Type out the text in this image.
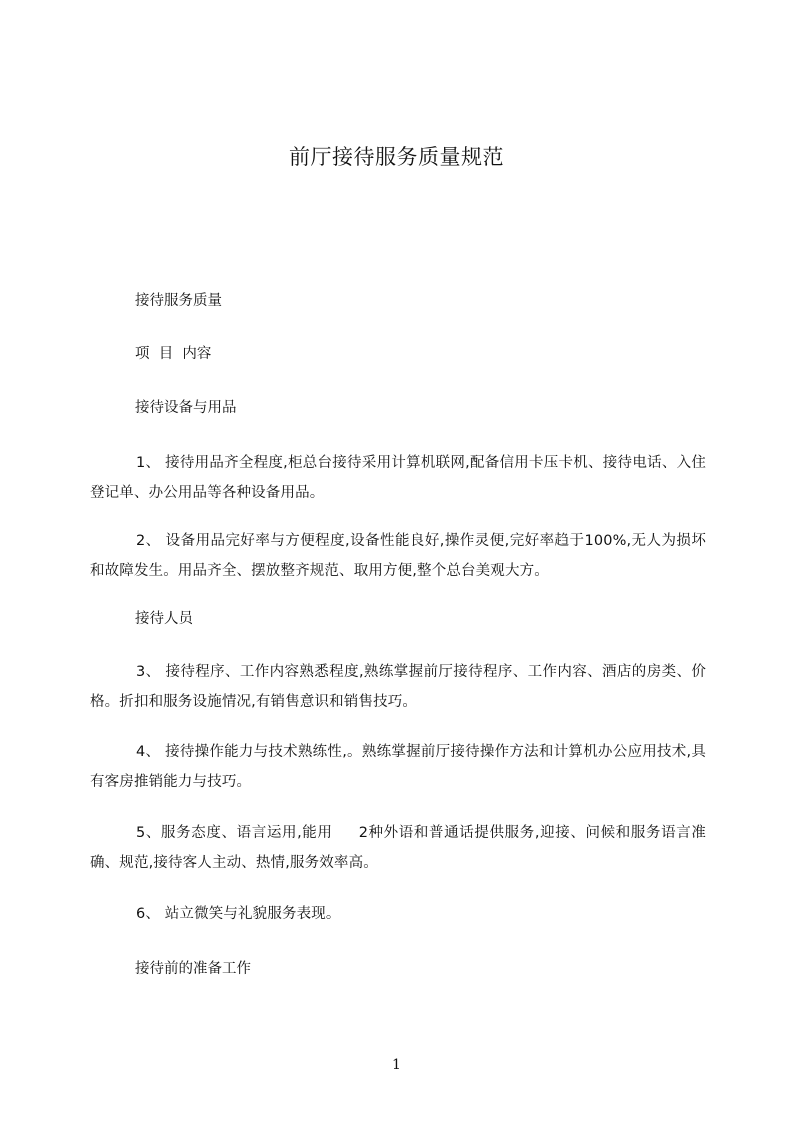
前厅接待服务质量规范
接待服务质量
项  目  内容
接待设备与用品
1、 接待用品齐全程度,柜总台接待采用计算机联网,配备信用卡压卡机、接待电话、入住登记单、办公用品等各种设备用品。
2、 设备用品完好率与方便程度,设备性能良好,操作灵便,完好率趋于100%,无人为损坏和故障发生。用品齐全、摆放整齐规范、取用方便,整个总台美观大方。
接待人员
3、 接待程序、工作内容熟悉程度,熟练掌握前厅接待程序、工作内容、酒店的房类、价格。折扣和服务设施情况,有销售意识和销售技巧。
4、 接待操作能力与技术熟练性,。熟练掌握前厅接待操作方法和计算机办公应用技术,具有客房推销能力与技巧。
5、服务态度、语言运用,能用     2种外语和普通话提供服务,迎接、问候和服务语言准确、规范,接待客人主动、热情,服务效率高。
6、 站立微笑与礼貌服务表现。
接待前的准备工作
1
